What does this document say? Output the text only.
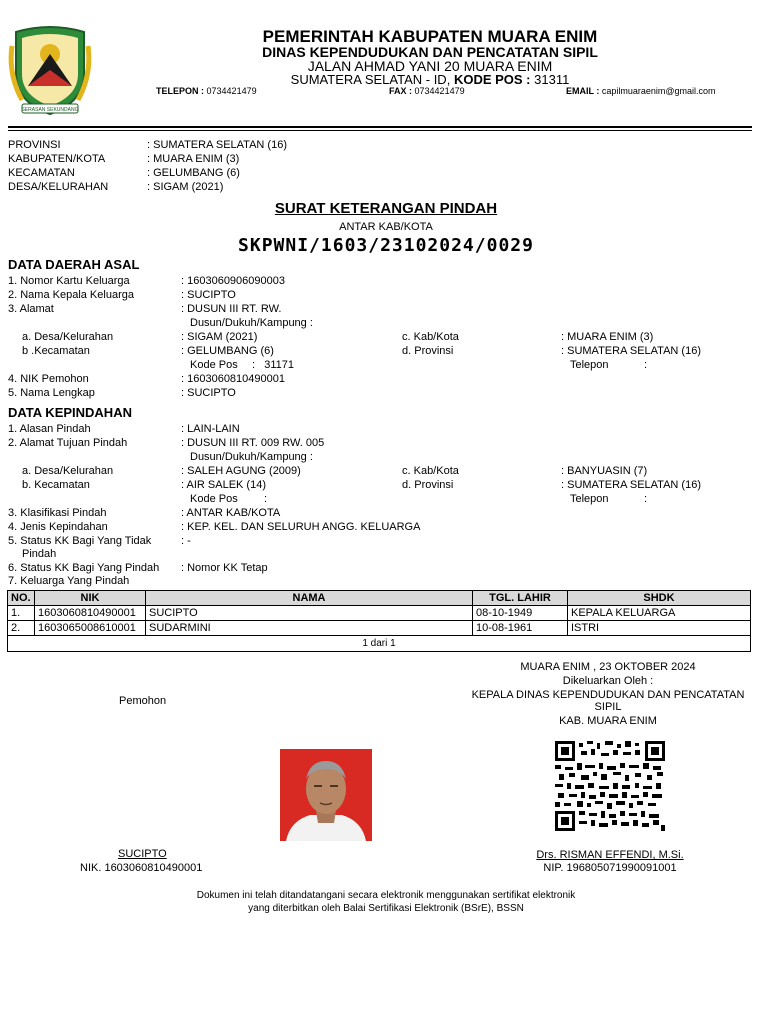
SERASAN SEKUNDANG
PEMERINTAH KABUPATEN MUARA ENIM
DINAS KEPENDUDUKAN DAN PENCATATAN SIPIL
JALAN AHMAD YANI 20 MUARA ENIM
SUMATERA SELATAN - ID, KODE POS : 31311
TELEPON : 0734421479	FAX : 0734421479	EMAIL : capilmuaraenim@gmail.com
PROVINSI	: SUMATERA SELATAN (16)
KABUPATEN/KOTA	: MUARA ENIM (3)
KECAMATAN	: GELUMBANG (6)
DESA/KELURAHAN	: SIGAM (2021)
SURAT KETERANGAN PINDAH
ANTAR KAB/KOTA
SKPWNI/1603/23102024/0029
DATA DAERAH ASAL
1. Nomor Kartu Keluarga	: 1603060906090003
2. Nama Kepala Keluarga	: SUCIPTO
3. Alamat	: DUSUN III RT. RW.
Dusun/Dukuh/Kampung :
a. Desa/Kelurahan	: SIGAM (2021)	c. Kab/Kota	: MUARA ENIM (3)
b .Kecamatan	: GELUMBANG (6)	d. Provinsi	: SUMATERA SELATAN (16)
Kode Pos :   31171	Telepon	:
4. NIK Pemohon	: 1603060810490001
5. Nama Lengkap	: SUCIPTO
DATA KEPINDAHAN
1. Alasan Pindah	: LAIN-LAIN
2. Alamat Tujuan Pindah	: DUSUN III RT. 009 RW. 005
Dusun/Dukuh/Kampung :
a. Desa/Kelurahan	: SALEH AGUNG (2009)	c. Kab/Kota	: BANYUASIN (7)
b. Kecamatan	: AIR SALEK (14)	d. Provinsi	: SUMATERA SELATAN (16)
Kode Pos :	Telepon	:
3. Klasifikasi Pindah	: ANTAR KAB/KOTA
4. Jenis Kepindahan	: KEP. KEL. DAN SELURUH ANGG. KELUARGA
5. Status KK Bagi Yang Tidak
Pindah
: -
6. Status KK Bagi Yang Pindah : Nomor KK Tetap
7. Keluarga Yang Pindah
NO.	NIK	NAMA	TGL. LAHIR	SHDK
1.	1603060810490001	SUCIPTO	08-10-1949	KEPALA KELUARGA
2.	1603065008610001	SUDARMINI	10-08-1961	ISTRI
1 dari 1
MUARA ENIM , 23 OKTOBER 2024
Dikeluarkan Oleh :
KEPALA DINAS KEPENDUDUKAN DAN PENCATATAN
SIPIL
KAB. MUARA ENIM
Pemohon
SUCIPTO
NIK. 1603060810490001
Drs. RISMAN EFFENDI, M.Si.
NIP. 196805071990091001
Dokumen ini telah ditandatangani secara elektronik menggunakan sertifikat elektronik
yang diterbitkan oleh Balai Sertifikasi Elektronik (BSrE), BSSN
